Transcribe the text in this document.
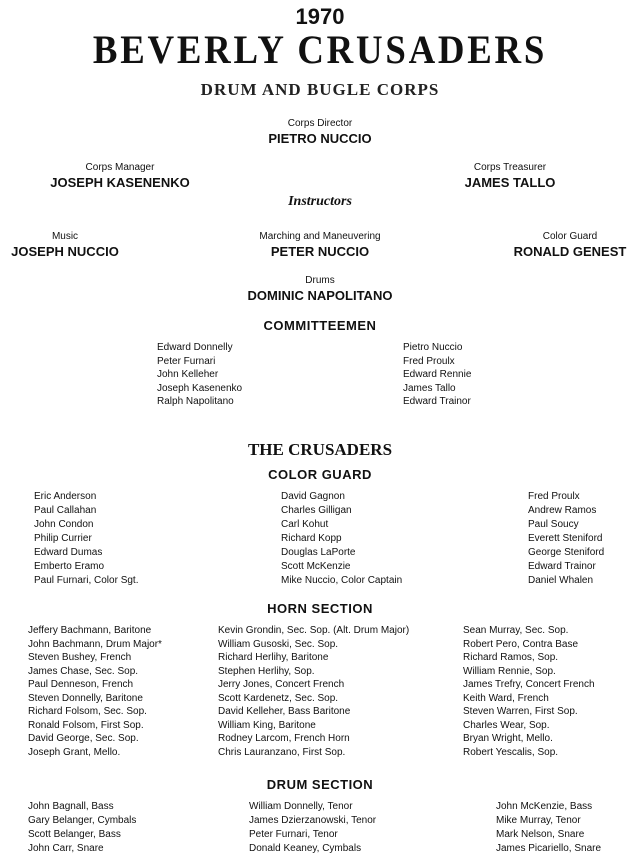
1970
BEVERLY CRUSADERS
DRUM AND BUGLE CORPS
Corps Director
PIETRO NUCCIO
Corps Manager
JOSEPH KASENENKO
Corps Treasurer
JAMES TALLO
Instructors
Music
JOSEPH NUCCIO
Marching and Maneuvering
PETER NUCCIO
Color Guard
RONALD GENEST
Drums
DOMINIC NAPOLITANO
COMMITTEEMEN
Edward Donnelly
Peter Furnari
John Kelleher
Joseph Kasenenko
Ralph Napolitano
Pietro Nuccio
Fred Proulx
Edward Rennie
James Tallo
Edward Trainor
THE CRUSADERS
COLOR GUARD
Eric Anderson
Paul Callahan
John Condon
Philip Currier
Edward Dumas
Emberto Eramo
Paul Furnari, Color Sgt.
David Gagnon
Charles Gilligan
Carl Kohut
Richard Kopp
Douglas LaPorte
Scott McKenzie
Mike Nuccio, Color Captain
Fred Proulx
Andrew Ramos
Paul Soucy
Everett Steniford
George Steniford
Edward Trainor
Daniel Whalen
HORN SECTION
Jeffery Bachmann, Baritone
John Bachmann, Drum Major*
Steven Bushey, French
James Chase, Sec. Sop.
Paul Denneson, French
Steven Donnelly, Baritone
Richard Folsom, Sec. Sop.
Ronald Folsom, First Sop.
David George, Sec. Sop.
Joseph Grant, Mello.
Kevin Grondin, Sec. Sop. (Alt. Drum Major)
William Gusoski, Sec. Sop.
Richard Herlihy, Baritone
Stephen Herlihy, Sop.
Jerry Jones, Concert French
Scott Kardenetz, Sec. Sop.
David Kelleher, Bass Baritone
William King, Baritone
Rodney Larcom, French Horn
Chris Lauranzano, First Sop.
Sean Murray, Sec. Sop.
Robert Pero, Contra Base
Richard Ramos, Sop.
William Rennie, Sop.
James Trefry, Concert French
Keith Ward, French
Steven Warren, First Sop.
Charles Wear, Sop.
Bryan Wright, Mello.
Robert Yescalis, Sop.
DRUM SECTION
John Bagnall, Bass
Gary Belanger, Cymbals
Scott Belanger, Bass
John Carr, Snare
William Donnelly, Tenor
James Dzierzanowski, Tenor
Peter Furnari, Tenor
Donald Keaney, Cymbals
John McKenzie, Bass
Mike Murray, Tenor
Mark Nelson, Snare
James Picariello, Snare
